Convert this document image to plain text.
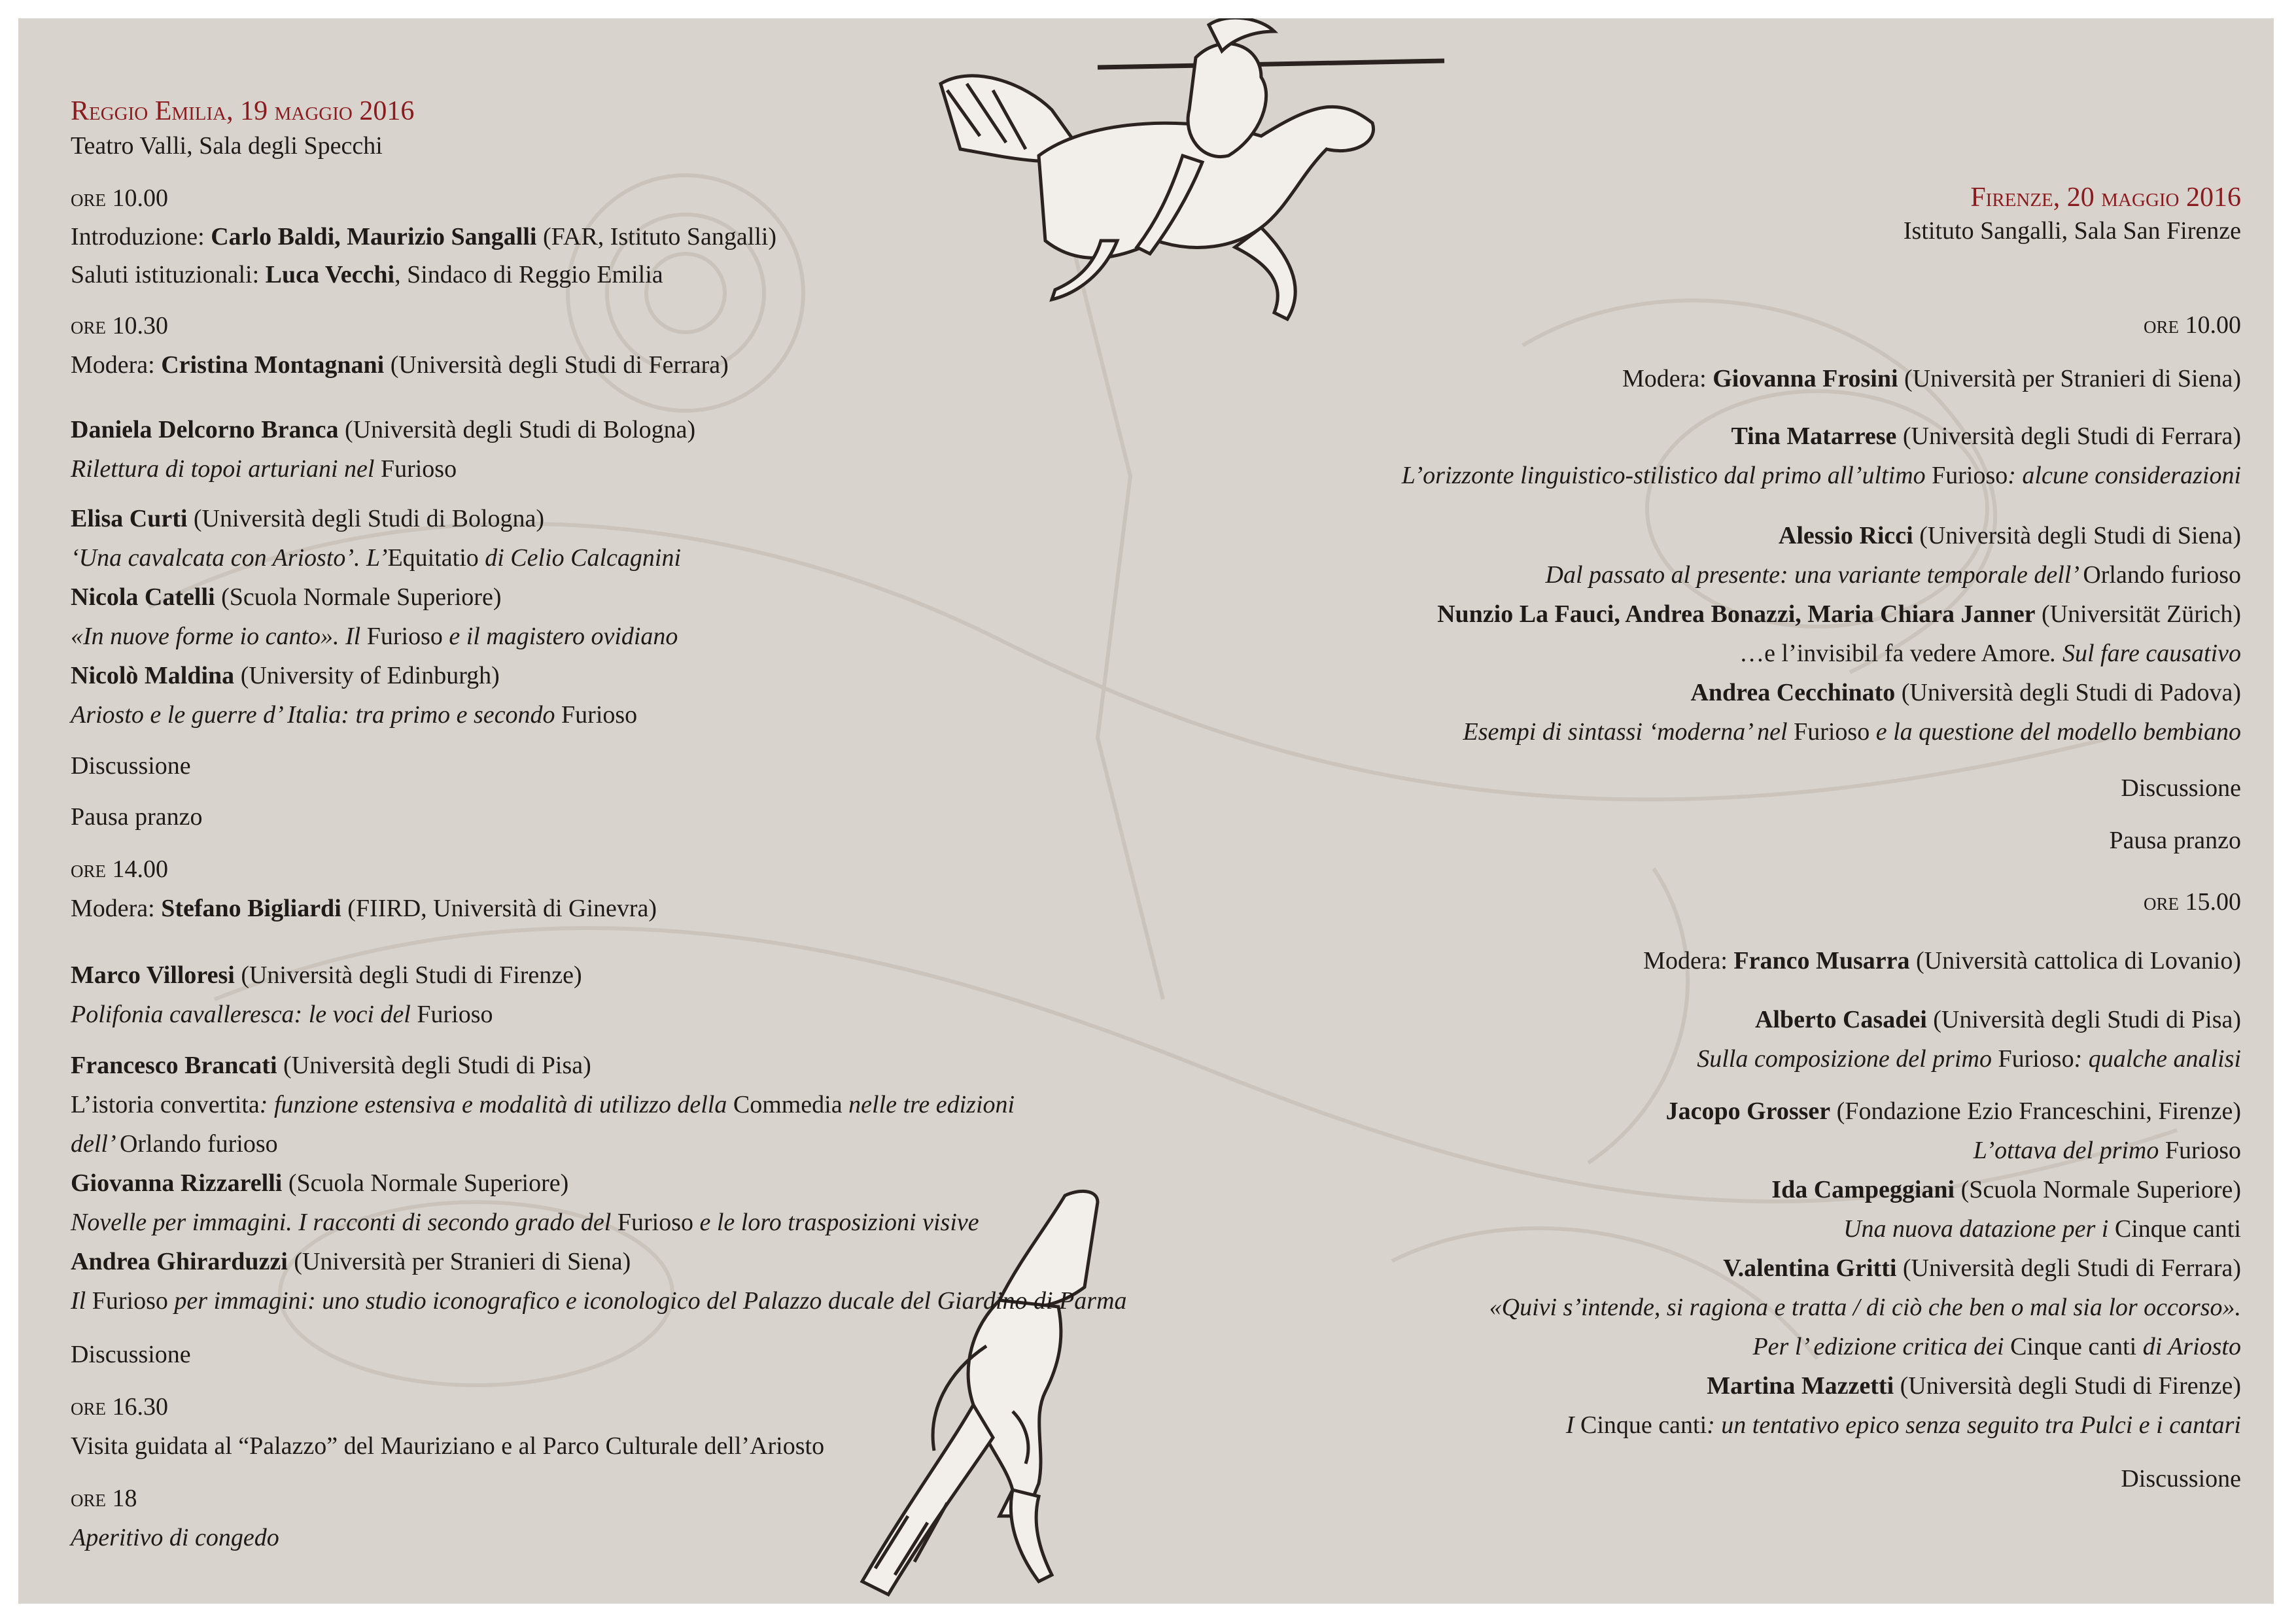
Reggio Emilia, 19 maggio 2016
Teatro Valli, Sala degli Specchi
ore 10.00
Introduzione: Carlo Baldi, Maurizio Sangalli (FAR, Istituto Sangalli)
Saluti istituzionali: Luca Vecchi, Sindaco di Reggio Emilia
ore 10.30
Modera: Cristina Montagnani (Università degli Studi di Ferrara)
Daniela Delcorno Branca (Università degli Studi di Bologna)
Rilettura di topoi arturiani nel Furioso
Elisa Curti (Università degli Studi di Bologna)
‘Una cavalcata con Ariosto’. L’Equitatio di Celio Calcagnini
Nicola Catelli (Scuola Normale Superiore)
«In nuove forme io canto». Il Furioso e il magistero ovidiano
Nicolò Maldina (University of Edinburgh)
Ariosto e le guerre d’ Italia: tra primo e secondo Furioso
Discussione
Pausa pranzo
ore 14.00
Modera: Stefano Bigliardi (FIIRD, Università di Ginevra)
Marco Villoresi (Università degli Studi di Firenze)
Polifonia cavalleresca: le voci del Furioso
Francesco Brancati (Università degli Studi di Pisa)
L’istoria convertita: funzione estensiva e modalità di utilizzo della Commedia nelle tre edizioni
dell’ Orlando furioso
Giovanna Rizzarelli (Scuola Normale Superiore)
Novelle per immagini. I racconti di secondo grado del Furioso e le loro trasposizioni visive
Andrea Ghirarduzzi (Università per Stranieri di Siena)
Il Furioso per immagini: uno studio iconografico e iconologico del Palazzo ducale del Giardino di Parma
Discussione
ore 16.30
Visita guidata al “Palazzo” del Mauriziano e al Parco Culturale dell’Ariosto
ore 18
Aperitivo di congedo
Firenze, 20 maggio 2016
Istituto Sangalli, Sala San Firenze
ore 10.00
Modera: Giovanna Frosini (Università per Stranieri di Siena)
Tina Matarrese (Università degli Studi di Ferrara)
L’orizzonte linguistico-stilistico dal primo all’ultimo Furioso: alcune considerazioni
Alessio Ricci (Università degli Studi di Siena)
Dal passato al presente: una variante temporale dell’ Orlando furioso
Nunzio La Fauci, Andrea Bonazzi, Maria Chiara Janner (Universität Zürich)
…e l’invisibil fa vedere Amore. Sul fare causativo
Andrea Cecchinato (Università degli Studi di Padova)
Esempi di sintassi ‘moderna’ nel Furioso e la questione del modello bembiano
Discussione
Pausa pranzo
ore 15.00
Modera: Franco Musarra (Università cattolica di Lovanio)
Alberto Casadei (Università degli Studi di Pisa)
Sulla composizione del primo Furioso: qualche analisi
Jacopo Grosser (Fondazione Ezio Franceschini, Firenze)
L’ottava del primo Furioso
Ida Campeggiani (Scuola Normale Superiore)
Una nuova datazione per i Cinque canti
V.alentina Gritti (Università degli Studi di Ferrara)
«Quivi s’intende, si ragiona e tratta / di ciò che ben o mal sia lor occorso».
Per l’ edizione critica dei Cinque canti di Ariosto
Martina Mazzetti (Università degli Studi di Firenze)
I Cinque canti: un tentativo epico senza seguito tra Pulci e i cantari
Discussione
